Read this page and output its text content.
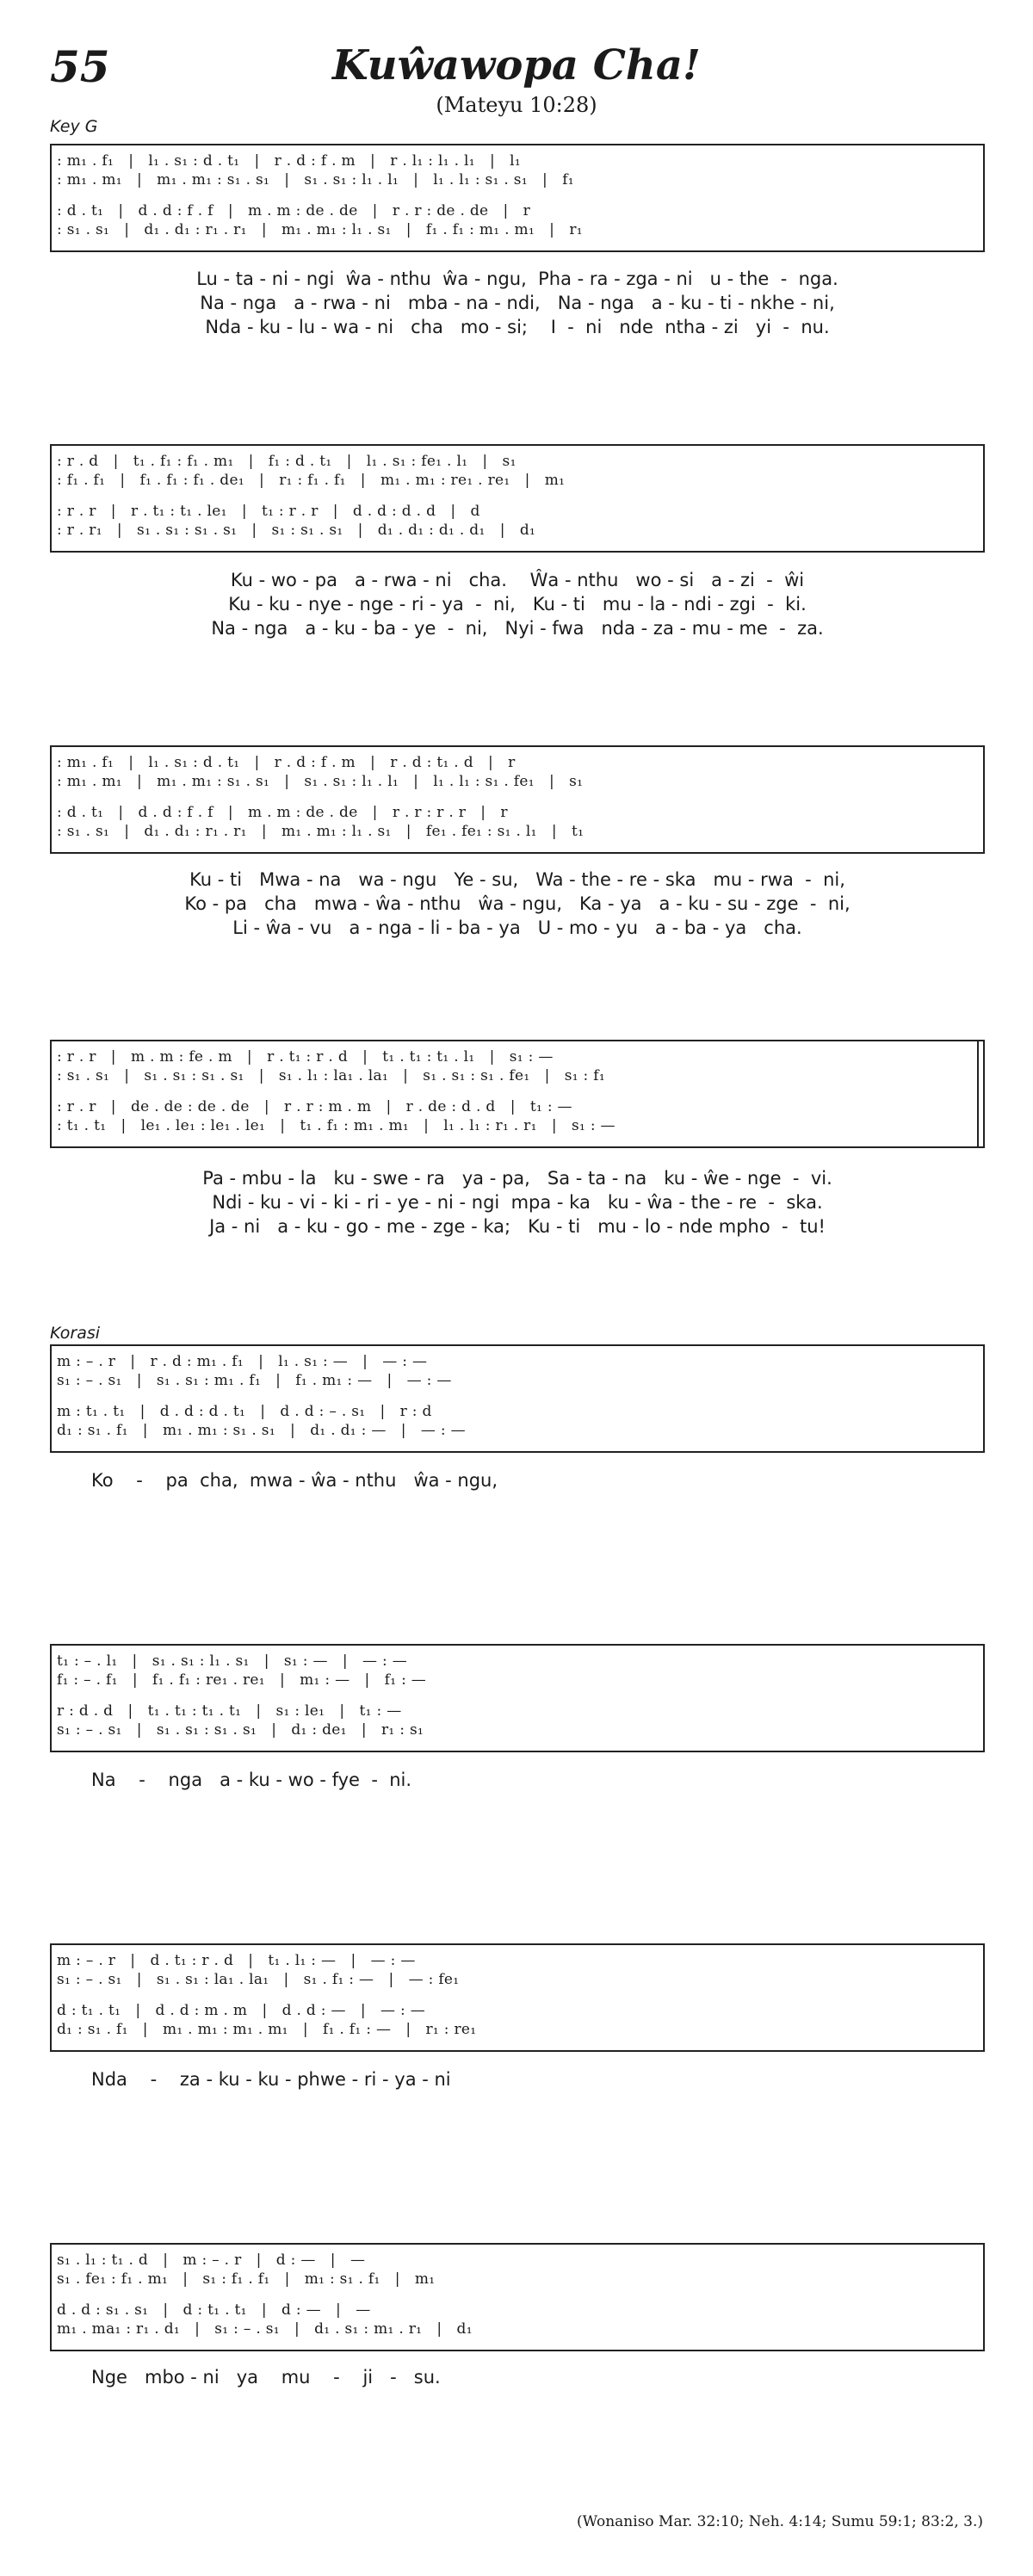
55	Kuŵawopa Cha!
(Mateyu 10:28)
Key G
: m₁ . f₁   |   l₁ . s₁ : d . t₁   |   r . d : f . m   |   r . l₁ : l₁ . l₁   |   l₁
: m₁ . m₁   |   m₁ . m₁ : s₁ . s₁   |   s₁ . s₁ : l₁ . l₁   |   l₁ . l₁ : s₁ . s₁   |   f₁
: d . t₁   |   d . d : f . f   |   m . m : de . de   |   r . r : de . de   |   r
: s₁ . s₁   |   d₁ . d₁ : r₁ . r₁   |   m₁ . m₁ : l₁ . s₁   |   f₁ . f₁ : m₁ . m₁   |   r₁
Lu - ta - ni - ngi  ŵa - nthu  ŵa - ngu,  Pha - ra - zga - ni   u - the  -  nga.
Na - nga   a - rwa - ni   mba - na - ndi,   Na - nga   a - ku - ti - nkhe - ni,
Nda - ku - lu - wa - ni   cha   mo - si;    I  -  ni   nde  ntha - zi   yi  -  nu.
: r . d   |   t₁ . f₁ : f₁ . m₁   |   f₁ : d . t₁   |   l₁ . s₁ : fe₁ . l₁   |   s₁
: f₁ . f₁   |   f₁ . f₁ : f₁ . de₁   |   r₁ : f₁ . f₁   |   m₁ . m₁ : re₁ . re₁   |   m₁
: r . r   |   r . t₁ : t₁ . le₁   |   t₁ : r . r   |   d . d : d . d   |   d
: r . r₁   |   s₁ . s₁ : s₁ . s₁   |   s₁ : s₁ . s₁   |   d₁ . d₁ : d₁ . d₁   |   d₁
Ku - wo - pa   a - rwa - ni   cha.    Ŵa - nthu   wo - si   a - zi  -  ŵi
Ku - ku - nye - nge - ri - ya  -  ni,   Ku - ti   mu - la - ndi - zgi  -  ki.
Na - nga   a - ku - ba - ye  -  ni,   Nyi - fwa   nda - za - mu - me  -  za.
: m₁ . f₁   |   l₁ . s₁ : d . t₁   |   r . d : f . m   |   r . d : t₁ . d   |   r
: m₁ . m₁   |   m₁ . m₁ : s₁ . s₁   |   s₁ . s₁ : l₁ . l₁   |   l₁ . l₁ : s₁ . fe₁   |   s₁
: d . t₁   |   d . d : f . f   |   m . m : de . de   |   r . r : r . r   |   r
: s₁ . s₁   |   d₁ . d₁ : r₁ . r₁   |   m₁ . m₁ : l₁ . s₁   |   fe₁ . fe₁ : s₁ . l₁   |   t₁
Ku - ti   Mwa - na   wa - ngu   Ye - su,   Wa - the - re - ska   mu - rwa  -  ni,
Ko - pa   cha   mwa - ŵa - nthu   ŵa - ngu,   Ka - ya   a - ku - su - zge  -  ni,
Li - ŵa - vu   a - nga - li - ba - ya   U - mo - yu   a - ba - ya   cha.
: r . r   |   m . m : fe . m   |   r . t₁ : r . d   |   t₁ . t₁ : t₁ . l₁   |   s₁ : —
: s₁ . s₁   |   s₁ . s₁ : s₁ . s₁   |   s₁ . l₁ : la₁ . la₁   |   s₁ . s₁ : s₁ . fe₁   |   s₁ : f₁
: r . r   |   de . de : de . de   |   r . r : m . m   |   r . de : d . d   |   t₁ : —
: t₁ . t₁   |   le₁ . le₁ : le₁ . le₁   |   t₁ . f₁ : m₁ . m₁   |   l₁ . l₁ : r₁ . r₁   |   s₁ : —
Pa - mbu - la   ku - swe - ra   ya - pa,   Sa - ta - na   ku - ŵe - nge  -  vi.
Ndi - ku - vi - ki - ri - ye - ni - ngi  mpa - ka   ku - ŵa - the - re  -  ska.
Ja - ni   a - ku - go - me - zge - ka;   Ku - ti   mu - lo - nde mpho  -  tu!
Korasi
m : – . r   |   r . d : m₁ . f₁   |   l₁ . s₁ : —   |   — : —
s₁ : – . s₁   |   s₁ . s₁ : m₁ . f₁   |   f₁ . m₁ : —   |   — : —
m : t₁ . t₁   |   d . d : d . t₁   |   d . d : – . s₁   |   r : d
d₁ : s₁ . f₁   |   m₁ . m₁ : s₁ . s₁   |   d₁ . d₁ : —   |   — : —
Ko    -    pa  cha,  mwa - ŵa - nthu   ŵa - ngu,
t₁ : – . l₁   |   s₁ . s₁ : l₁ . s₁   |   s₁ : —   |   — : —
f₁ : – . f₁   |   f₁ . f₁ : re₁ . re₁   |   m₁ : —   |   f₁ : —
r : d . d   |   t₁ . t₁ : t₁ . t₁   |   s₁ : le₁   |   t₁ : —
s₁ : – . s₁   |   s₁ . s₁ : s₁ . s₁   |   d₁ : de₁   |   r₁ : s₁
Na    -    nga   a - ku - wo - fye  -  ni.
m : – . r   |   d . t₁ : r . d   |   t₁ . l₁ : —   |   — : —
s₁ : – . s₁   |   s₁ . s₁ : la₁ . la₁   |   s₁ . f₁ : —   |   — : fe₁
d : t₁ . t₁   |   d . d : m . m   |   d . d : —   |   — : —
d₁ : s₁ . f₁   |   m₁ . m₁ : m₁ . m₁   |   f₁ . f₁ : —   |   r₁ : re₁
Nda    -    za - ku - ku - phwe - ri - ya - ni
s₁ . l₁ : t₁ . d   |   m : – . r   |   d : —   |   —
s₁ . fe₁ : f₁ . m₁   |   s₁ : f₁ . f₁   |   m₁ : s₁ . f₁   |   m₁
d . d : s₁ . s₁   |   d : t₁ . t₁   |   d : —   |   —
m₁ . ma₁ : r₁ . d₁   |   s₁ : – . s₁   |   d₁ . s₁ : m₁ . r₁   |   d₁
Nge   mbo - ni   ya    mu    -    ji   -   su.
(Wonaniso Mar. 32:10; Neh. 4:14; Sumu 59:1; 83:2, 3.)
